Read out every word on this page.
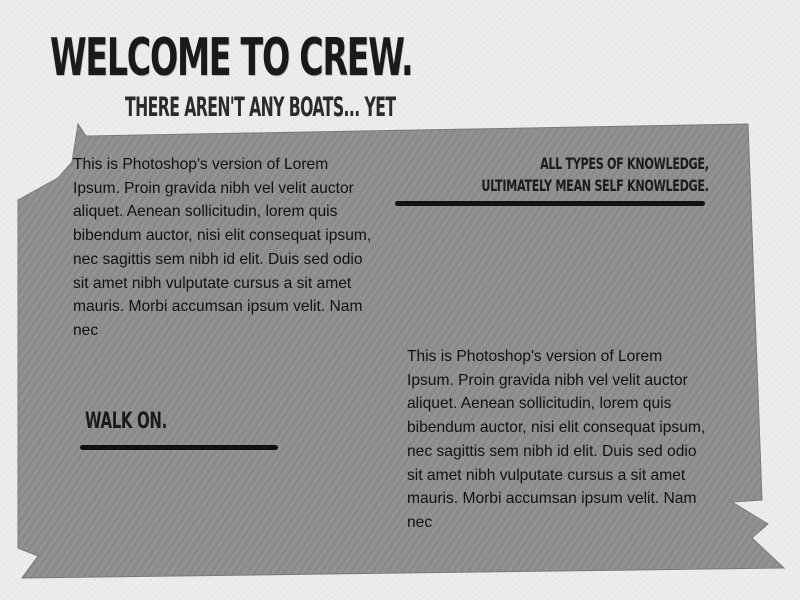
WELCOME TO CREW.
THERE AREN'T ANY BOATS... YET

This is Photoshop's version of Lorem Ipsum. Proin gravida nibh vel velit auctor aliquet. Aenean sollicitudin, lorem quis bibendum auctor, nisi elit consequat ipsum, nec sagittis sem nibh id elit. Duis sed odio sit amet nibh vulputate cursus a sit amet mauris. Morbi accumsan ipsum velit. Nam nec

ALL TYPES OF KNOWLEDGE,
ULTIMATELY MEAN SELF KNOWLEDGE.
WALK ON.

This is Photoshop's version of Lorem Ipsum. Proin gravida nibh vel velit auctor aliquet. Aenean sollicitudin, lorem quis bibendum auctor, nisi elit consequat ipsum, nec sagittis sem nibh id elit. Duis sed odio sit amet nibh vulputate cursus a sit amet mauris. Morbi accumsan ipsum velit. Nam nec
